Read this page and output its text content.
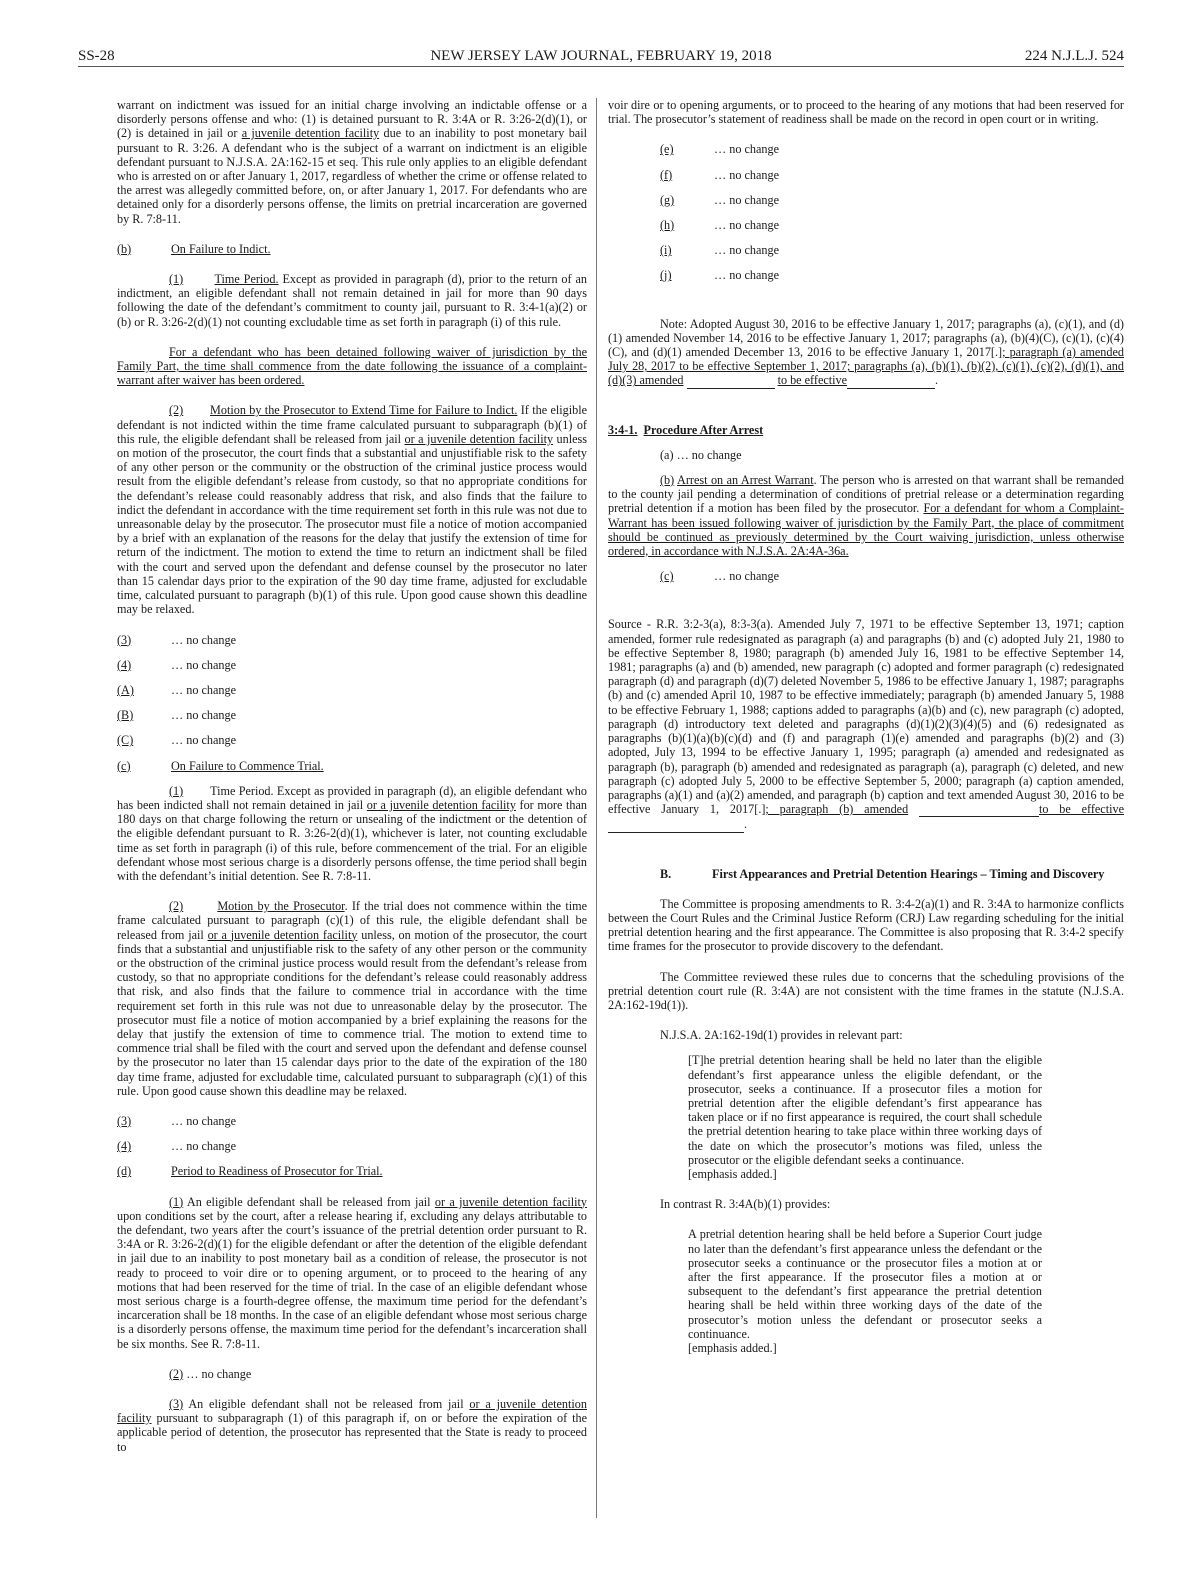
SS-28	NEW JERSEY LAW JOURNAL, FEBRUARY 19, 2018	224 N.J.L.J. 524

warrant on indictment was issued for an initial charge involving an indictable offense or a disorderly persons offense and who: (1) is detained pursuant to R. 3:4A or R. 3:26-2(d)(1), or (2) is detained in jail or a juvenile detention facility due to an inability to post monetary bail pursuant to R. 3:26. A defendant who is the subject of a warrant on indictment is an eligible defendant pursuant to N.J.S.A. 2A:162-15 et seq. This rule only applies to an eligible defendant who is arrested on or after January 1, 2017, regardless of whether the crime or offense related to the arrest was allegedly committed before, on, or after January 1, 2017. For defendants who are detained only for a disorderly persons offense, the limits on pretrial incarceration are governed by R. 7:8-11.

(b)	On Failure to Indict.

(1)	Time Period. Except as provided in paragraph (d), prior to the return of an indictment, an eligible defendant shall not remain detained in jail for more than 90 days following the date of the defendant’s commitment to county jail, pursuant to R. 3:4-1(a)(2) or (b) or R. 3:26-2(d)(1) not counting excludable time as set forth in paragraph (i) of this rule.

For a defendant who has been detained following waiver of jurisdiction by the Family Part, the time shall commence from the date following the issuance of a complaint-warrant after waiver has been ordered.

(2) Motion by the Prosecutor to Extend Time for Failure to Indict. If the eligible defendant is not indicted within the time frame calculated pursuant to subparagraph (b)(1) of this rule, the eligible defendant shall be released from jail or a juvenile detention facility unless on motion of the prosecutor, the court finds that a substantial and unjustifiable risk to the safety of any other person or the community or the obstruction of the criminal justice process would result from the eligible defendant’s release from custody, so that no appropriate conditions for the defendant’s release could reasonably address that risk, and also finds that the failure to indict the defendant in accordance with the time requirement set forth in this rule was not due to unreasonable delay by the prosecutor. The prosecutor must file a notice of motion accompanied by a brief with an explanation of the reasons for the delay that justify the extension of time for return of the indictment. The motion to extend the time to return an indictment shall be filed with the court and served upon the defendant and defense counsel by the prosecutor no later than 15 calendar days prior to the expiration of the 90 day time frame, adjusted for excludable time, calculated pursuant to paragraph (b)(1) of this rule. Upon good cause shown this deadline may be relaxed.

(3)	… no change
(4)	… no change
(A)	… no change
(B)	… no change
(C)	… no change
(c)	On Failure to Commence Trial.

(1) Time Period. Except as provided in paragraph (d), an eligible defendant who has been indicted shall not remain detained in jail or a juvenile detention facility for more than 180 days on that charge following the return or unsealing of the indictment or the detention of the eligible defendant pursuant to R. 3:26-2(d)(1), whichever is later, not counting excludable time as set forth in paragraph (i) of this rule, before commencement of the trial. For an eligible defendant whose most serious charge is a disorderly persons offense, the time period shall begin with the defendant’s initial detention. See R. 7:8-11.

(2)	Motion by the Prosecutor. If the trial does not commence within the time frame calculated pursuant to paragraph (c)(1) of this rule, the eligible defendant shall be released from jail or a juvenile detention facility unless, on motion of the prosecutor, the court finds that a substantial and unjustifiable risk to the safety of any other person or the community or the obstruction of the criminal justice process would result from the defendant’s release from custody, so that no appropriate conditions for the defendant’s release could reasonably address that risk, and also finds that the failure to commence trial in accordance with the time requirement set forth in this rule was not due to unreasonable delay by the prosecutor. The prosecutor must file a notice of motion accompanied by a brief explaining the reasons for the delay that justify the extension of time to commence trial. The motion to extend time to commence trial shall be filed with the court and served upon the defendant and defense counsel by the prosecutor no later than 15 calendar days prior to the date of the expiration of the 180 day time frame, adjusted for excludable time, calculated pursuant to subparagraph (c)(1) of this rule. Upon good cause shown this deadline may be relaxed.

(3)	… no change
(4)	… no change
(d)	Period to Readiness of Prosecutor for Trial.

(1) An eligible defendant shall be released from jail or a juvenile detention facility upon conditions set by the court, after a release hearing if, excluding any delays attributable to the defendant, two years after the court’s issuance of the pretrial detention order pursuant to R. 3:4A or R. 3:26-2(d)(1) for the eligible defendant or after the detention of the eligible defendant in jail due to an inability to post monetary bail as a condition of release, the prosecutor is not ready to proceed to voir dire or to opening argument, or to proceed to the hearing of any motions that had been reserved for the time of trial. In the case of an eligible defendant whose most serious charge is a fourth-degree offense, the maximum time period for the defendant’s incarceration shall be 18 months. In the case of an eligible defendant whose most serious charge is a disorderly persons offense, the maximum time period for the defendant’s incarceration shall be six months. See R. 7:8-11.

(2) … no change

(3) An eligible defendant shall not be released from jail or a juvenile detention facility pursuant to subparagraph (1) of this paragraph if, on or before the expiration of the applicable period of detention, the prosecutor has represented that the State is ready to proceed to

voir dire or to opening arguments, or to proceed to the hearing of any motions that had been reserved for trial. The prosecutor’s statement of readiness shall be made on the record in open court or in writing.

(e)	… no change
(f)	… no change
(g)	… no change
(h)	… no change
(i)	… no change
(j)	… no change

Note: Adopted August 30, 2016 to be effective January 1, 2017; paragraphs (a), (c)(1), and (d)(1) amended November 14, 2016 to be effective January 1, 2017; paragraphs (a), (b)(4)(C), (c)(1), (c)(4)(C), and (d)(1) amended December 13, 2016 to be effective January 1, 2017[.]; paragraph (a) amended July 28, 2017 to be effective September 1, 2017; paragraphs (a), (b)(1), (b)(2), (c)(1), (c)(2), (d)(1), and (d)(3) amended	to be effective	.

3:4-1. Procedure After Arrest

(a) … no change

(b) Arrest on an Arrest Warrant. The person who is arrested on that warrant shall be remanded to the county jail pending a determination of conditions of pretrial release or a determination regarding pretrial detention if a motion has been filed by the prosecutor. For a defendant for whom a Complaint-Warrant has been issued following waiver of jurisdiction by the Family Part, the place of commitment should be continued as previously determined by the Court waiving jurisdiction, unless otherwise ordered, in accordance with N.J.S.A. 2A:4A-36a.

(c)	… no change

Source - R.R. 3:2-3(a), 8:3-3(a). Amended July 7, 1971 to be effective September 13, 1971; caption amended, former rule redesignated as paragraph (a) and paragraphs (b) and (c) adopted July 21, 1980 to be effective September 8, 1980; paragraph (b) amended July 16, 1981 to be effective September 14, 1981; paragraphs (a) and (b) amended, new paragraph (c) adopted and former paragraph (c) redesignated paragraph (d) and paragraph (d)(7) deleted November 5, 1986 to be effective January 1, 1987; paragraphs (b) and (c) amended April 10, 1987 to be effective immediately; paragraph (b) amended January 5, 1988 to be effective February 1, 1988; captions added to paragraphs (a)(b) and (c), new paragraph (c) adopted, paragraph (d) introductory text deleted and paragraphs (d)(1)(2)(3)(4)(5) and (6) redesignated as paragraphs (b)(1)(a)(b)(c)(d) and (f) and paragraph (1)(e) amended and paragraphs (b)(2) and (3) adopted, July 13, 1994 to be effective January 1, 1995; paragraph (a) amended and redesignated as paragraph (b), paragraph (b) amended and redesignated as paragraph (a), paragraph (c) deleted, and new paragraph (c) adopted July 5, 2000 to be effective September 5, 2000; paragraph (a) caption amended, paragraphs (a)(1) and (a)(2) amended, and paragraph (b) caption and text amended August 30, 2016 to be effective January 1, 2017[.]; paragraph (b) amended	to be effective .

B.	First Appearances and Pretrial Detention Hearings – Timing and Discovery

The Committee is proposing amendments to R. 3:4-2(a)(1) and R. 3:4A to harmonize conflicts between the Court Rules and the Criminal Justice Reform (CRJ) Law regarding scheduling for the initial pretrial detention hearing and the first appearance. The Committee is also proposing that R. 3:4-2 specify time frames for the prosecutor to provide discovery to the defendant.

The Committee reviewed these rules due to concerns that the scheduling provisions of the pretrial detention court rule (R. 3:4A) are not consistent with the time frames in the statute (N.J.S.A. 2A:162-19d(1)).

N.J.S.A. 2A:162-19d(1) provides in relevant part:

[T]he pretrial detention hearing shall be held no later than the eligible defendant’s first appearance unless the eligible defendant, or the prosecutor, seeks a continuance. If a prosecutor files a motion for pretrial detention after the eligible defendant’s first appearance has taken place or if no first appearance is required, the court shall schedule the pretrial detention hearing to take place within three working days of the date on which the prosecutor’s motions was filed, unless the prosecutor or the eligible defendant seeks a continuance.

[emphasis added.]

In contrast R. 3:4A(b)(1) provides:

A pretrial detention hearing shall be held before a Superior Court judge no later than the defendant’s first appearance unless the defendant or the prosecutor seeks a continuance or the prosecutor files a motion at or after the first appearance. If the prosecutor files a motion at or subsequent to the defendant’s first appearance the pretrial detention hearing shall be held within three working days of the date of the prosecutor’s motion unless the defendant or prosecutor seeks a continuance.

[emphasis added.]
